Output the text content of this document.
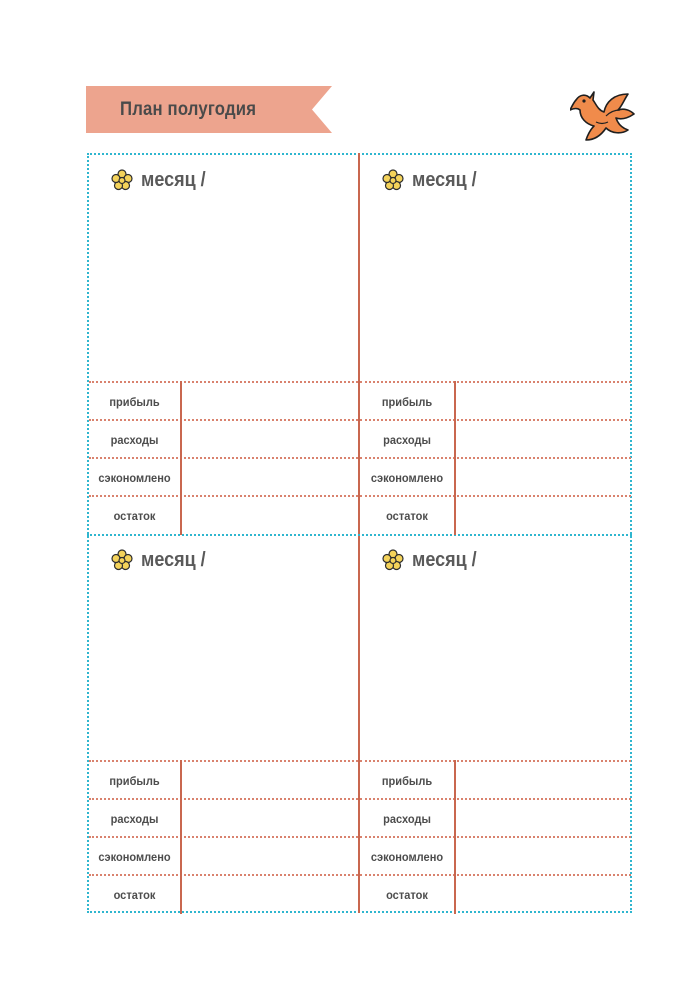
План полугодия
месяц /
прибыль
расходы
сэкономлено
остаток
месяц /
прибыль
расходы
сэкономлено
остаток
месяц /
прибыль
расходы
сэкономлено
остаток
месяц /
прибыль
расходы
сэкономлено
остаток
